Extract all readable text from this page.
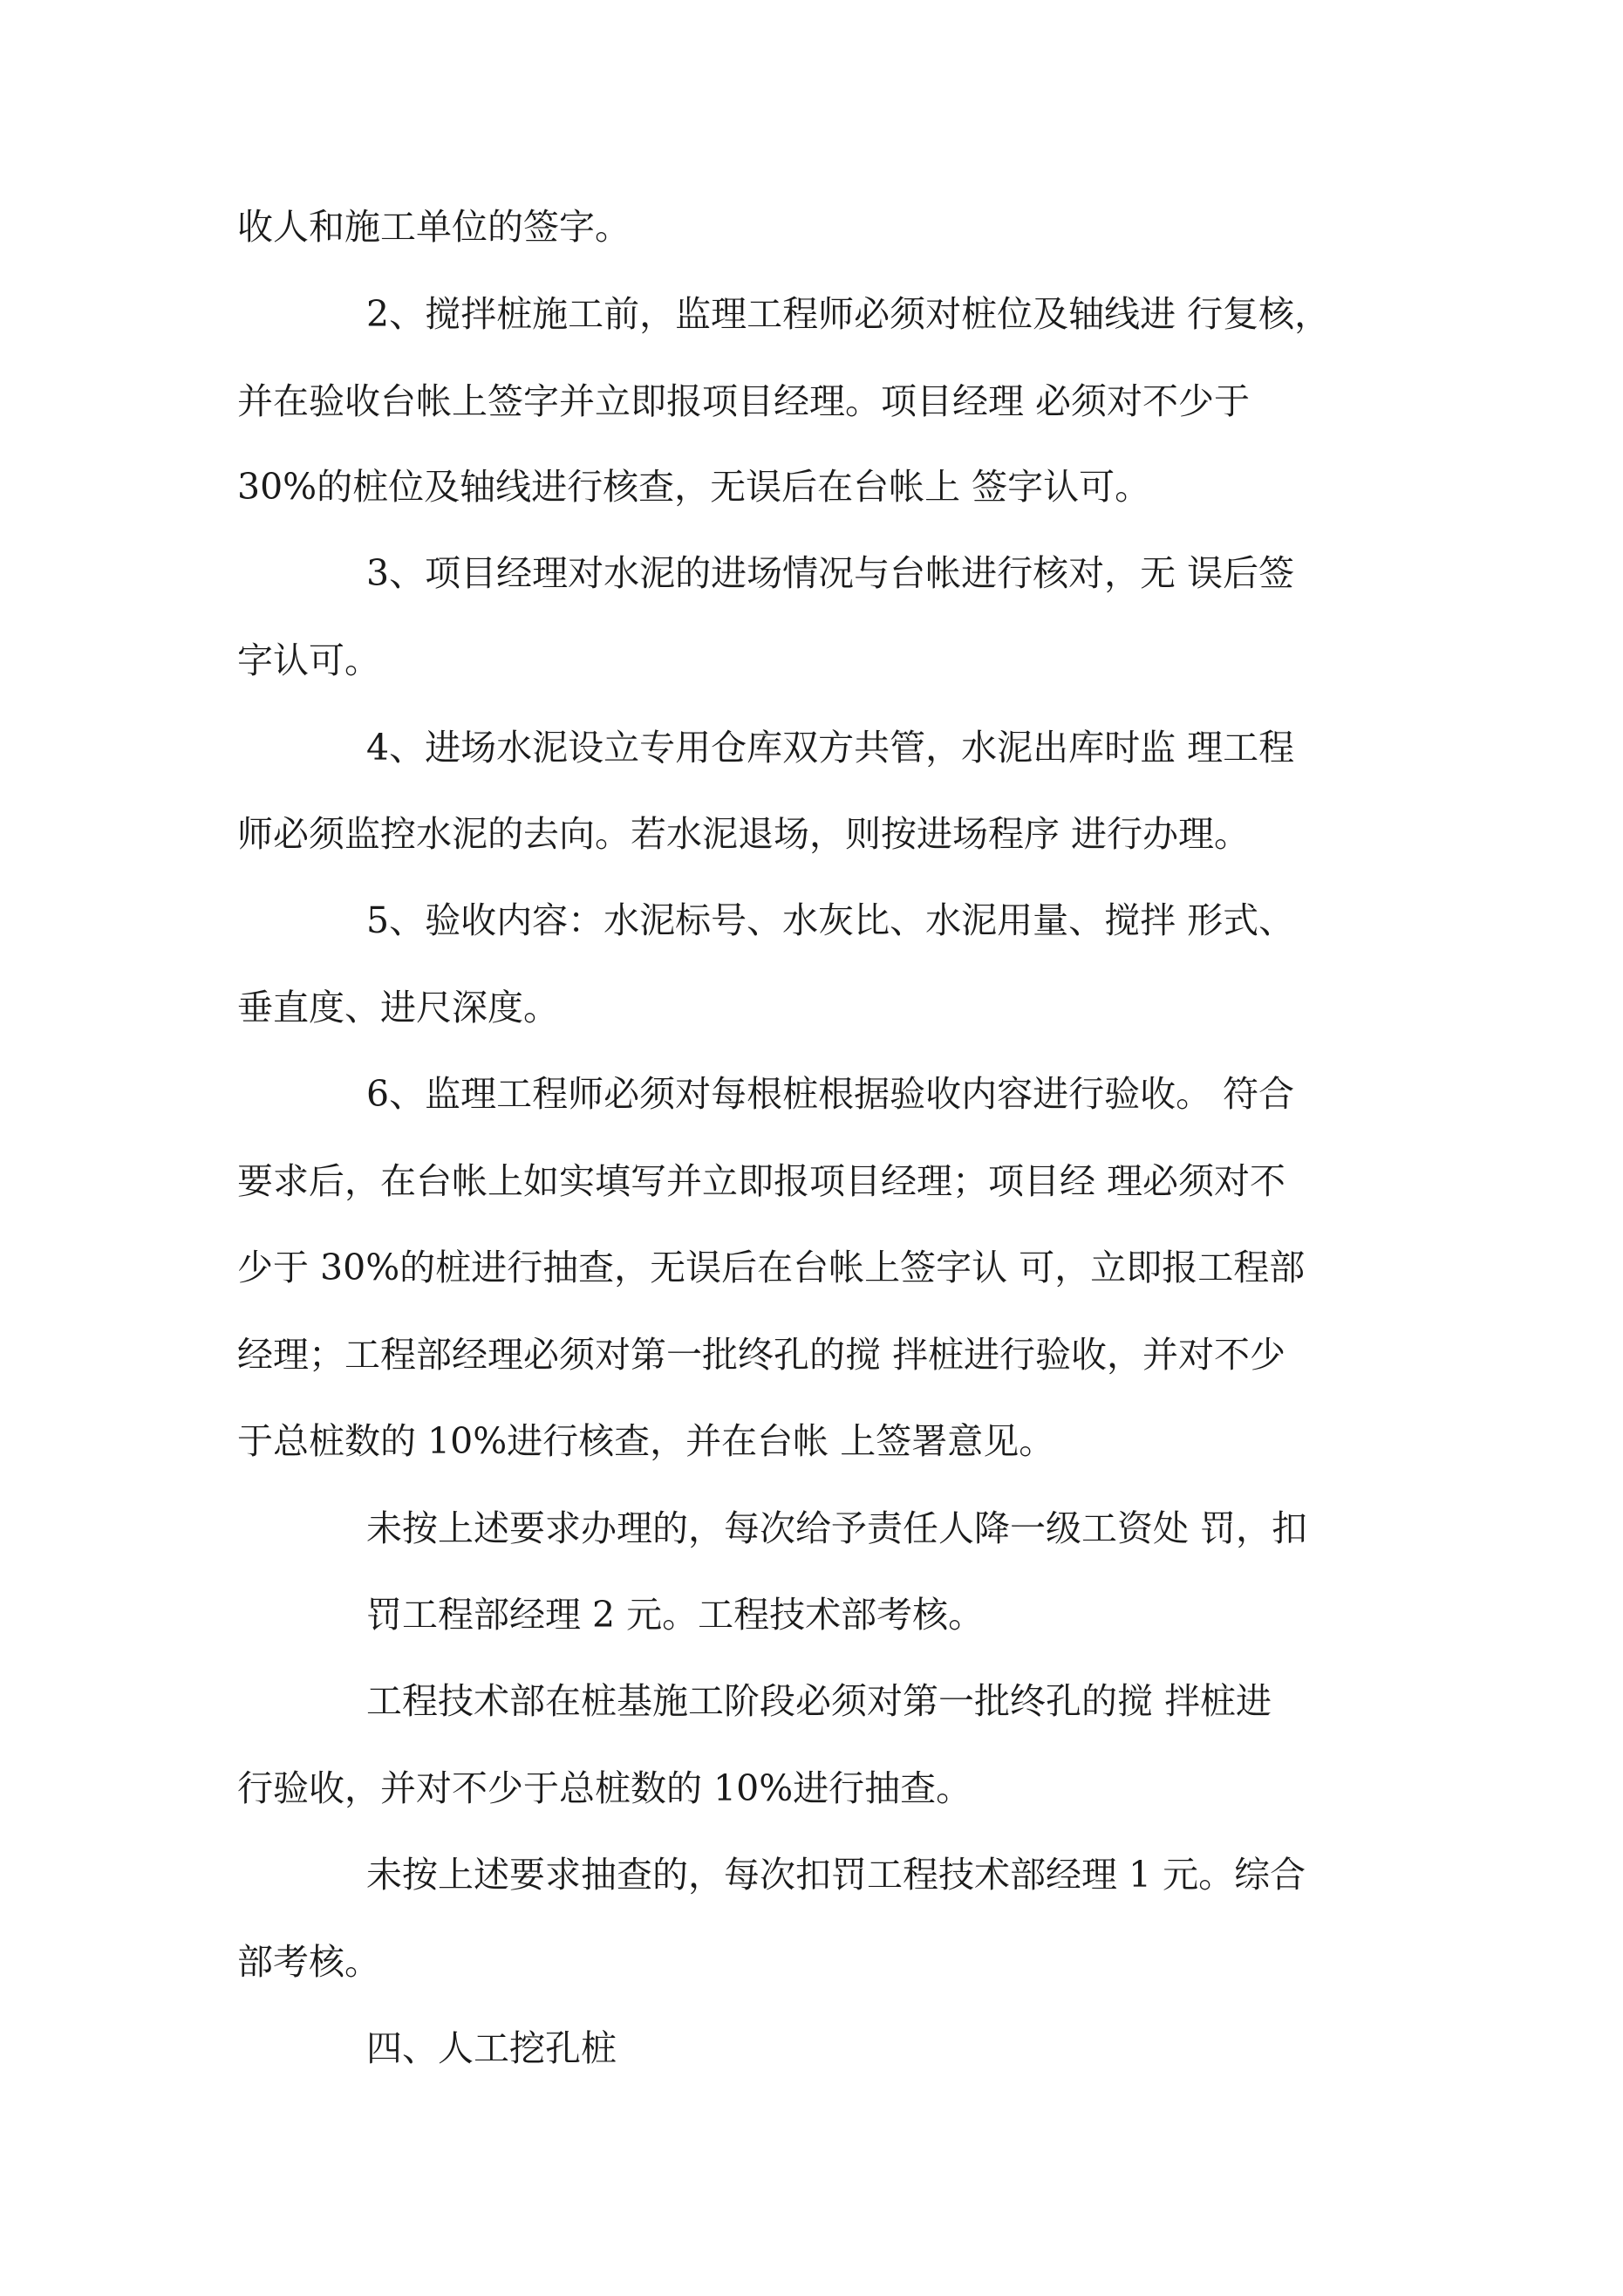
收人和施工单位的签字。
2、搅拌桩施工前，监理工程师必须对桩位及轴线进 行复核，
并在验收台帐上签字并立即报项目经理。项目经理 必须对不少于
30%的桩位及轴线进行核查，无误后在台帐上 签字认可。
3、项目经理对水泥的进场情况与台帐进行核对，无 误后签
字认可。
4、进场水泥设立专用仓库双方共管，水泥出库时监 理工程
师必须监控水泥的去向。若水泥退场，则按进场程序 进行办理。
5、验收内容：水泥标号、水灰比、水泥用量、搅拌 形式、
垂直度、进尺深度。
6、监理工程师必须对每根桩根据验收内容进行验收。 符合
要求后，在台帐上如实填写并立即报项目经理；项目经 理必须对不
少于 30%的桩进行抽查，无误后在台帐上签字认 可，立即报工程部
经理；工程部经理必须对第一批终孔的搅 拌桩进行验收，并对不少
于总桩数的 10%进行核查，并在台帐 上签署意见。
未按上述要求办理的，每次给予责任人降一级工资处 罚，扣
罚工程部经理 2 元。工程技术部考核。
工程技术部在桩基施工阶段必须对第一批终孔的搅 拌桩进
行验收，并对不少于总桩数的 10%进行抽查。
未按上述要求抽查的，每次扣罚工程技术部经理 1 元。综合
部考核。
四、人工挖孔桩
